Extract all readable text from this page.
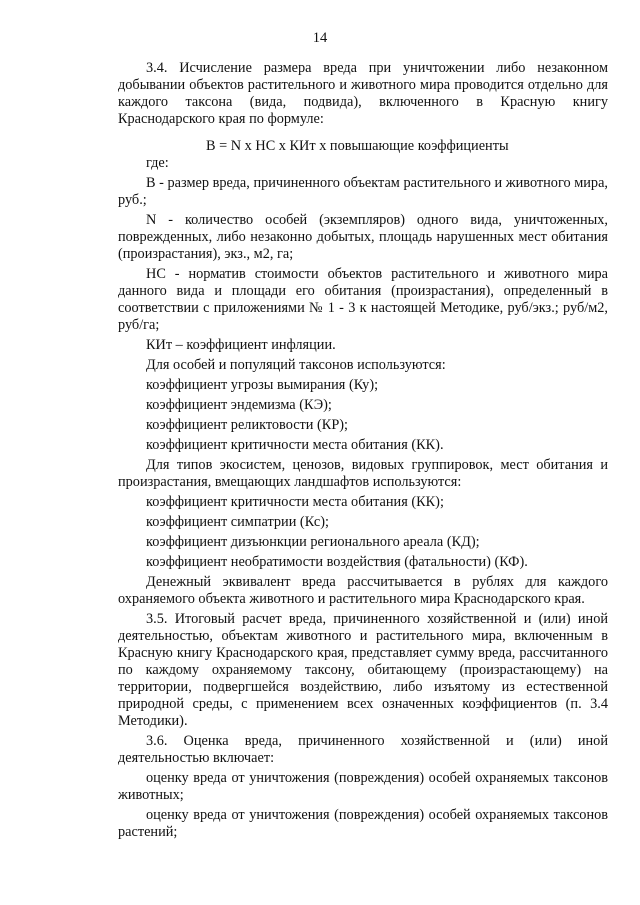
14

3.4. Исчисление размера вреда при уничтожении либо незаконном добывании объектов растительного и животного мира проводится отдельно для каждого таксона (вида, подвида), включенного в Красную книгу Краснодарского края по формуле:

В = N х НС х КИт х повышающие коэффициенты

где:

В - размер вреда, причиненного объектам растительного и животного мира, руб.;

N - количество особей (экземпляров) одного вида, уничтоженных, поврежденных, либо незаконно добытых, площадь нарушенных мест обитания (произрастания), экз., м2, га;

НС - норматив стоимости объектов растительного и животного мира данного вида и площади его обитания (произрастания), определенный в соответствии с приложениями № 1 - 3 к настоящей Методике, руб/экз.; руб/м2, руб/га;

КИт – коэффициент инфляции.

Для особей и популяций таксонов используются:

коэффициент угрозы вымирания (Ку);

коэффициент эндемизма (КЭ);

коэффициент реликтовости (КР);

коэффициент критичности места обитания (КК).

Для типов экосистем, ценозов, видовых группировок, мест обитания и произрастания, вмещающих ландшафтов используются:

коэффициент критичности места обитания (КК);

коэффициент симпатрии (Кс);

коэффициент дизъюнкции регионального ареала (КД);

коэффициент необратимости воздействия (фатальности) (КФ).

Денежный эквивалент вреда рассчитывается в рублях для каждого охраняемого объекта животного и растительного мира Краснодарского края.

3.5. Итоговый расчет вреда, причиненного хозяйственной и (или) иной деятельностью, объектам животного и растительного мира, включенным в Красную книгу Краснодарского края, представляет сумму вреда, рассчитанного по каждому охраняемому таксону, обитающему (произрастающему) на территории, подвергшейся воздействию, либо изъятому из естественной природной среды, с применением всех означенных коэффициентов (п. 3.4 Методики).

3.6. Оценка вреда, причиненного хозяйственной и (или) иной деятельностью включает:

оценку вреда от уничтожения (повреждения) особей охраняемых таксонов животных;

оценку вреда от уничтожения (повреждения) особей охраняемых таксонов растений;
